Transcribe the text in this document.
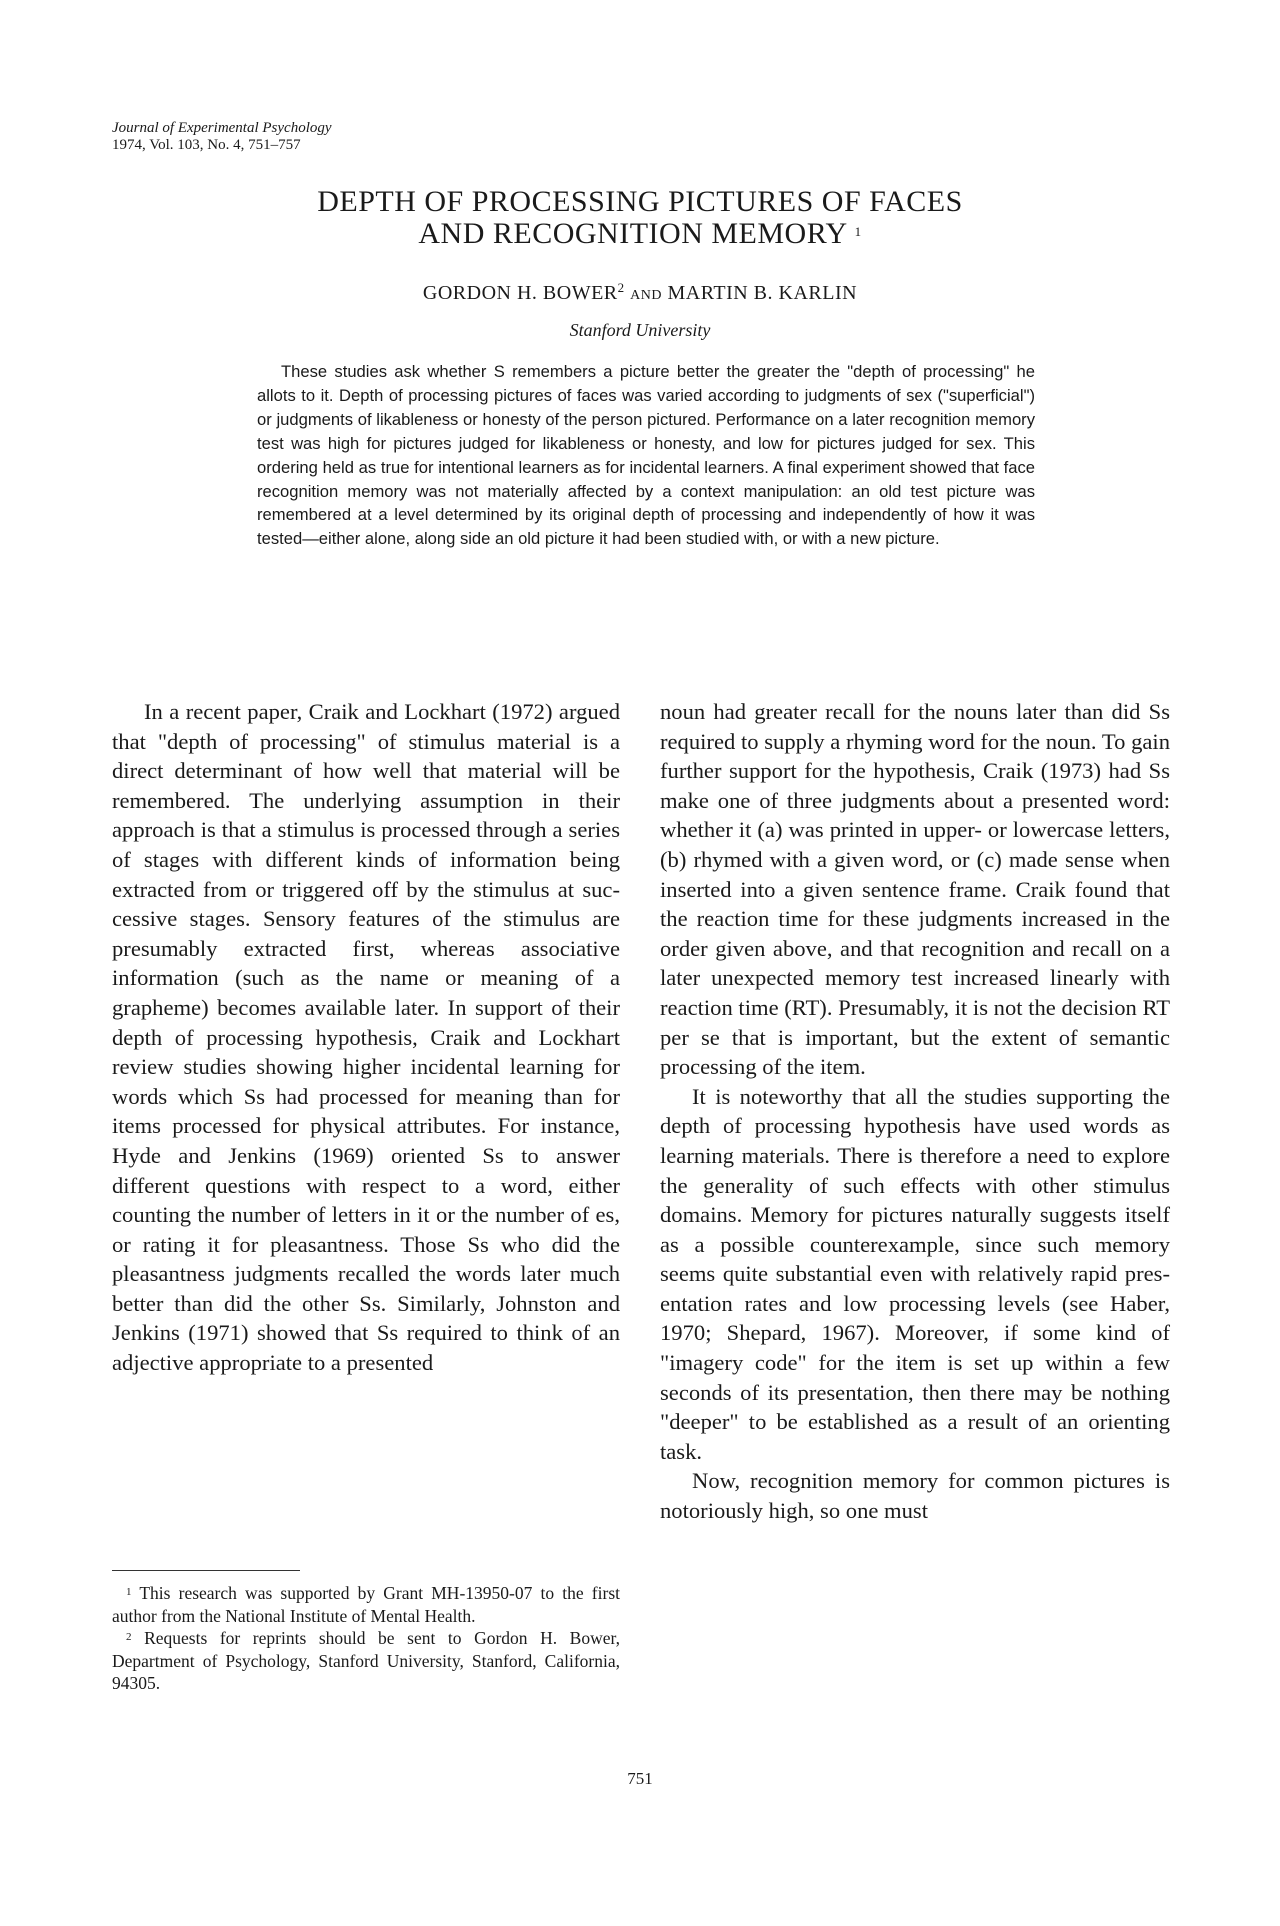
Journal of Experimental Psychology
1974, Vol. 103, No. 4, 751–757
DEPTH OF PROCESSING PICTURES OF FACES
AND RECOGNITION MEMORY $^1$
GORDON H. BOWER$^2$ AND MARTIN B. KARLIN
Stanford University
These studies ask whether S remembers a picture better the greater the "depth of processing" he allots to it. Depth of processing pictures of faces was varied according to judgments of sex ("superficial") or judgments of likableness or honesty of the person pictured. Performance on a later recognition memory test was high for pictures judged for likableness or honesty, and low for pictures judged for sex. This ordering held as true for intentional learners as for incidental learners. A final experiment showed that face recognition memory was not materially affected by a context manipulation: an old test picture was remembered at a level determined by its original depth of processing and independently of how it was tested—either alone, along side an old picture it had been studied with, or with a new picture.

In a recent paper, Craik and Lockhart (1972) argued that "depth of processing" of stimulus material is a direct determinant of how well that material will be remembered. The underlying assumption in their approach is that a stimulus is processed through a series of stages with different kinds of information being extracted from or triggered off by the stimulus at successive stages. Sensory features of the stimulus are presumably extracted first, whereas associative information (such as the name or meaning of a grapheme) becomes available later. In support of their depth of processing hypothesis, Craik and Lockhart review studies showing higher incidental learning for words which Ss had processed for meaning than for items processed for physical attributes. For instance, Hyde and Jenkins (1969) oriented Ss to answer different questions with respect to a word, either counting the number of letters in it or the number of es, or rating it for pleasantness. Those Ss who did the pleasantness judgments recalled the words later much better than did the other Ss. Similarly, Johnston and Jenkins (1971) showed that Ss required to think of an adjective appropriate to a presented

noun had greater recall for the nouns later than did Ss required to supply a rhyming word for the noun. To gain further support for the hypothesis, Craik (1973) had Ss make one of three judgments about a presented word: whether it (a) was printed in upper- or lowercase letters, (b) rhymed with a given word, or (c) made sense when inserted into a given sentence frame. Craik found that the reaction time for these judgments increased in the order given above, and that recognition and recall on a later unexpected memory test increased linearly with reaction time (RT). Presumably, it is not the decision RT per se that is important, but the extent of semantic processing of the item.

It is noteworthy that all the studies supporting the depth of processing hypothesis have used words as learning materials. There is therefore a need to explore the generality of such effects with other stimulus domains. Memory for pictures naturally suggests itself as a possible counterexample, since such memory seems quite substantial even with relatively rapid presentation rates and low processing levels (see Haber, 1970; Shepard, 1967). Moreover, if some kind of "imagery code" for the item is set up within a few seconds of its presentation, then there may be nothing "deeper" to be established as a result of an orienting task.

Now, recognition memory for common pictures is notoriously high, so one must

$^1$ This research was supported by Grant MH-13950-07 to the first author from the National Institute of Mental Health.

$^2$ Requests for reprints should be sent to Gordon H. Bower, Department of Psychology, Stanford University, Stanford, California, 94305.

751
